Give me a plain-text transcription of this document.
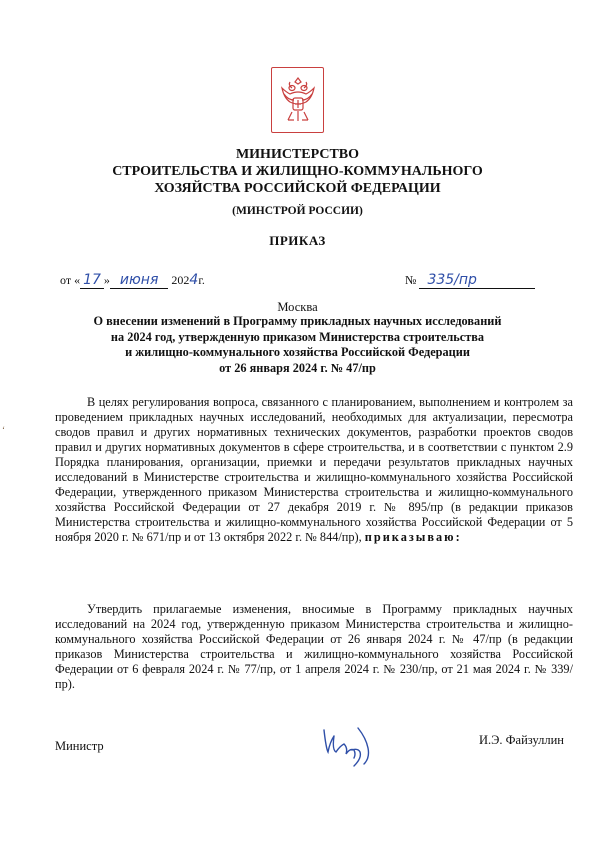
МИНИСТЕРСТВО
СТРОИТЕЛЬСТВА И ЖИЛИЩНО-КОММУНАЛЬНОГО
ХОЗЯЙСТВА РОССИЙСКОЙ ФЕДЕРАЦИИ
(МИНСТРОЙ РОССИИ)
ПРИКАЗ
от « 17 » июня 2024г.	№ 335/пр
Москва
О внесении изменений в Программу прикладных научных исследований
на 2024 год, утвержденную приказом Министерства строительства
и жилищно-коммунального хозяйства Российской Федерации
от 26 января 2024 г. № 47/пр
ʻ
В целях регулирования вопроса, связанного с планированием, выполнением и контролем за проведением прикладных научных исследований, необходимых для актуализации, пересмотра сводов правил и других нормативных технических документов, разработки проектов сводов правил и других нормативных документов в сфере строительства, и в соответствии с пунктом 2.9 Порядка планирования, организации, приемки и передачи результатов прикладных научных исследований в Министерстве строительства и жилищно-коммунального хозяйства Российской Федерации, утвержденного приказом Министерства строительства и жилищно-коммунального хозяйства Российской Федерации от 27 декабря 2019 г. № 895/пр (в редакции приказов Министерства строительства и жилищно-коммунального хозяйства Российской Федерации от 5 ноября 2020 г. № 671/пр и от 13 октября 2022 г. № 844/пр), приказываю:
Утвердить прилагаемые изменения, вносимые в Программу прикладных научных исследований на 2024 год, утвержденную приказом Министерства строительства и жилищно-коммунального хозяйства Российской Федерации от 26 января 2024 г. № 47/пр (в редакции приказов Министерства строительства и жилищно-коммунального хозяйства Российской Федерации от 6 февраля 2024 г. № 77/пр, от 1 апреля 2024 г. № 230/пр, от 21 мая 2024 г. № 339/пр).
Министр	И.Э. Файзуллин
